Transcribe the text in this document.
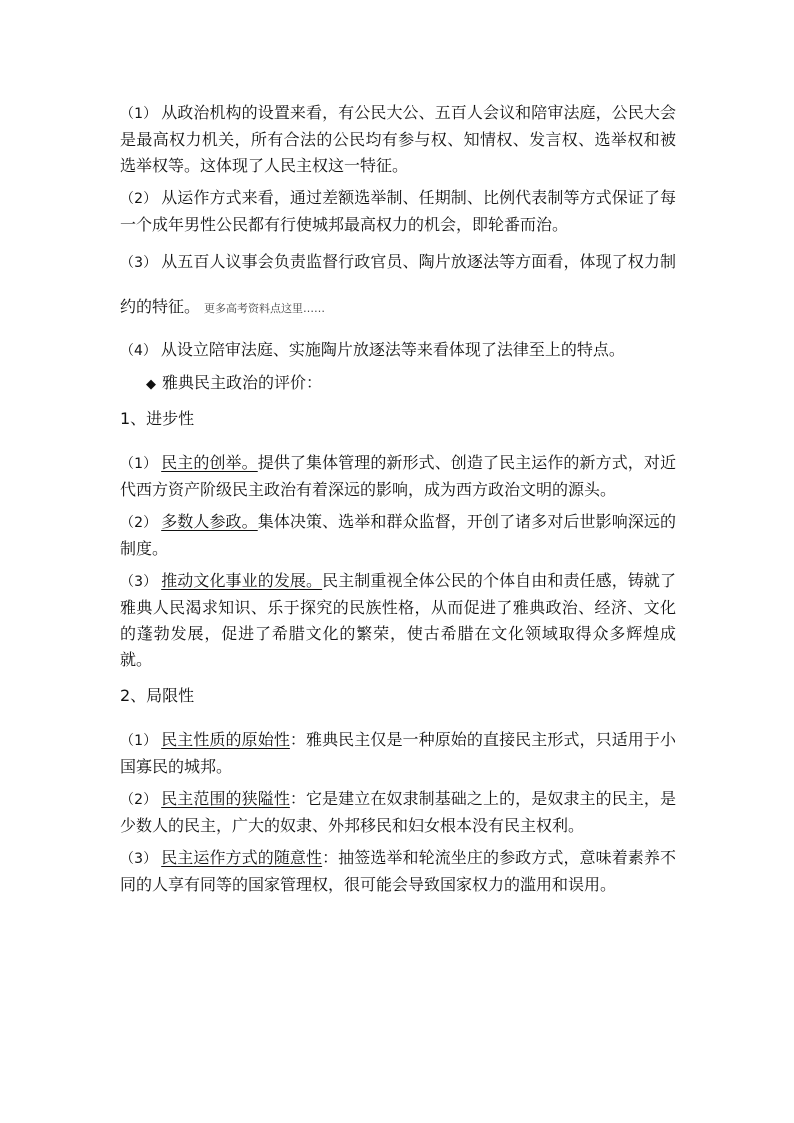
（1） 从政治机构的设置来看，有公民大公、五百人会议和陪审法庭，公民大会是最高权力机关，所有合法的公民均有参与权、知情权、发言权、选举权和被选举权等。这体现了人民主权这一特征。

（2） 从运作方式来看，通过差额选举制、任期制、比例代表制等方式保证了每一个成年男性公民都有行使城邦最高权力的机会，即轮番而治。

（3） 从五百人议事会负责监督行政官员、陶片放逐法等方面看，体现了权力制约的特征。 更多高考资料点这里……

（4） 从设立陪审法庭、实施陶片放逐法等来看体现了法律至上的特点。

◆ 雅典民主政治的评价：

1、进步性

（1） 民主的创举。提供了集体管理的新形式、创造了民主运作的新方式，对近代西方资产阶级民主政治有着深远的影响，成为西方政治文明的源头。

（2） 多数人参政。集体决策、选举和群众监督，开创了诸多对后世影响深远的制度。

（3） 推动文化事业的发展。民主制重视全体公民的个体自由和责任感，铸就了雅典人民渴求知识、乐于探究的民族性格，从而促进了雅典政治、经济、文化的蓬勃发展，促进了希腊文化的繁荣，使古希腊在文化领域取得众多辉煌成就。

2、局限性

（1） 民主性质的原始性：雅典民主仅是一种原始的直接民主形式，只适用于小国寡民的城邦。

（2） 民主范围的狭隘性：它是建立在奴隶制基础之上的，是奴隶主的民主，是少数人的民主，广大的奴隶、外邦移民和妇女根本没有民主权利。

（3） 民主运作方式的随意性：抽签选举和轮流坐庄的参政方式，意味着素养不同的人享有同等的国家管理权，很可能会导致国家权力的滥用和误用。
